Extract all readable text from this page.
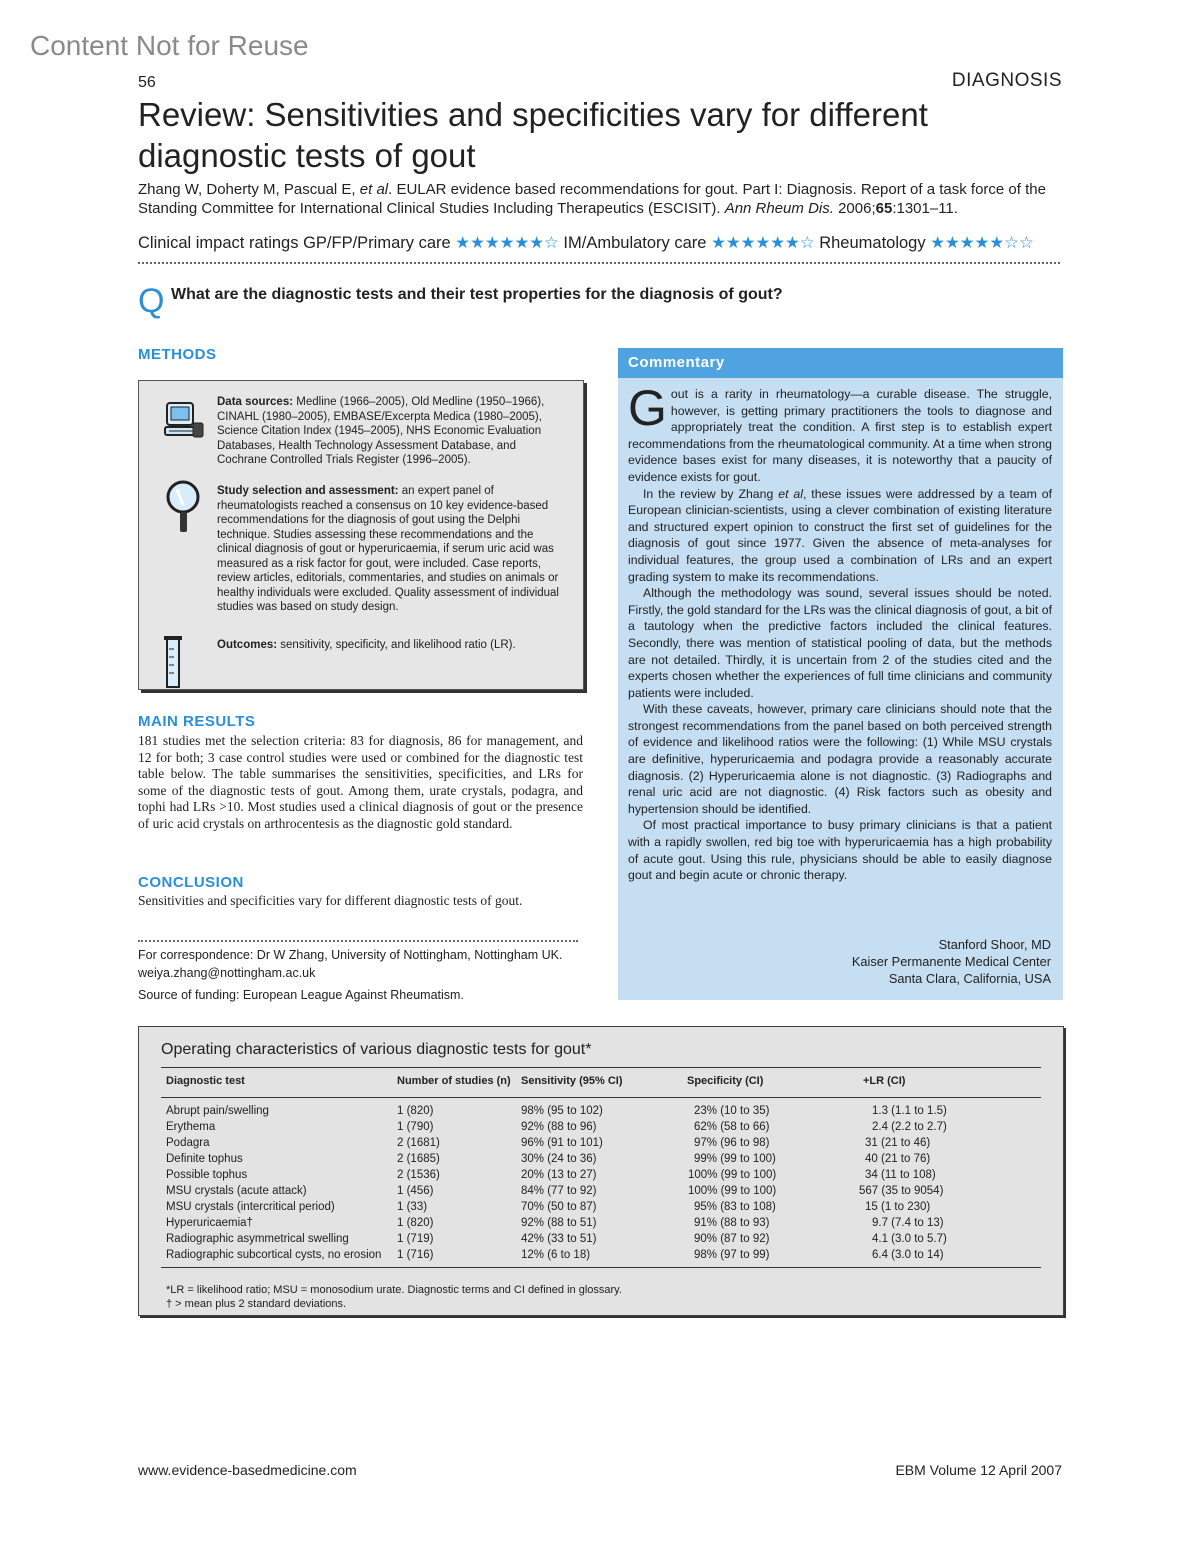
Content Not for Reuse
56	DIAGNOSIS
Review: Sensitivities and specificities vary for different diagnostic tests of gout
Zhang W, Doherty M, Pascual E, et al. EULAR evidence based recommendations for gout. Part I: Diagnosis. Report of a task force of the Standing Committee for International Clinical Studies Including Therapeutics (ESCISIT). Ann Rheum Dis. 2006;65:1301–11.
Clinical impact ratings GP/FP/Primary care ★★★★★★☆ IM/Ambulatory care ★★★★★★☆ Rheumatology ★★★★★☆☆
Q What are the diagnostic tests and their test properties for the diagnosis of gout?
METHODS
Data sources: Medline (1966–2005), Old Medline (1950–1966), CINAHL (1980–2005), EMBASE/Excerpta Medica (1980–2005), Science Citation Index (1945–2005), NHS Economic Evaluation Databases, Health Technology Assessment Database, and Cochrane Controlled Trials Register (1996–2005).
Study selection and assessment: an expert panel of rheumatologists reached a consensus on 10 key evidence-based recommendations for the diagnosis of gout using the Delphi technique. Studies assessing these recommendations and the clinical diagnosis of gout or hyperuricaemia, if serum uric acid was measured as a risk factor for gout, were included. Case reports, review articles, editorials, commentaries, and studies on animals or healthy individuals were excluded. Quality assessment of individual studies was based on study design.
Outcomes: sensitivity, specificity, and likelihood ratio (LR).
MAIN RESULTS
181 studies met the selection criteria: 83 for diagnosis, 86 for management, and 12 for both; 3 case control studies were used or combined for the diagnostic test table below. The table summarises the sensitivities, specificities, and LRs for some of the diagnostic tests of gout. Among them, urate crystals, podagra, and tophi had LRs >10. Most studies used a clinical diagnosis of gout or the presence of uric acid crystals on arthrocentesis as the diagnostic gold standard.
CONCLUSION
Sensitivities and specificities vary for different diagnostic tests of gout.
For correspondence: Dr W Zhang, University of Nottingham, Nottingham UK. weiya.zhang@nottingham.ac.uk
Source of funding: European League Against Rheumatism.
Commentary

Gout is a rarity in rheumatology—a curable disease. The struggle, however, is getting primary practitioners the tools to diagnose and appropriately treat the condition. A first step is to establish expert recommendations from the rheumatological community. At a time when strong evidence bases exist for many diseases, it is noteworthy that a paucity of evidence exists for gout.

In the review by Zhang et al, these issues were addressed by a team of European clinician-scientists, using a clever combination of existing literature and structured expert opinion to construct the first set of guidelines for the diagnosis of gout since 1977. Given the absence of meta-analyses for individual features, the group used a combination of LRs and an expert grading system to make its recommendations.

Although the methodology was sound, several issues should be noted. Firstly, the gold standard for the LRs was the clinical diagnosis of gout, a bit of a tautology when the predictive factors included the clinical features. Secondly, there was mention of statistical pooling of data, but the methods are not detailed. Thirdly, it is uncertain from 2 of the studies cited and the experts chosen whether the experiences of full time clinicians and community patients were included.

With these caveats, however, primary care clinicians should note that the strongest recommendations from the panel based on both perceived strength of evidence and likelihood ratios were the following: (1) While MSU crystals are definitive, hyperuricaemia and podagra provide a reasonably accurate diagnosis. (2) Hyperuricaemia alone is not diagnostic. (3) Radiographs and renal uric acid are not diagnostic. (4) Risk factors such as obesity and hypertension should be identified.

Of most practical importance to busy primary clinicians is that a patient with a rapidly swollen, red big toe with hyperuricaemia has a high probability of acute gout. Using this rule, physicians should be able to easily diagnose gout and begin acute or chronic therapy.

Stanford Shoor, MD
Kaiser Permanente Medical Center
Santa Clara, California, USA
Operating characteristics of various diagnostic tests for gout*
Diagnostic test	Number of studies (n) Sensitivity (95% CI)	Specificity (CI)	+LR (CI)
Abrupt pain/swelling	1 (820)	98% (95 to 102)	23% (10 to 35)	1.3 (1.1 to 1.5)
Erythema	1 (790)	92% (88 to 96)	62% (58 to 66)	2.4 (2.2 to 2.7)
Podagra	2 (1681)	96% (91 to 101)	97% (96 to 98)	31 (21 to 46)
Definite tophus	2 (1685)	30% (24 to 36)	99% (99 to 100)	40 (21 to 76)
Possible tophus	2 (1536)	20% (13 to 27)	100% (99 to 100)	34 (11 to 108)
MSU crystals (acute attack)	1 (456)	84% (77 to 92)	100% (99 to 100)	567 (35 to 9054)
MSU crystals (intercritical period)	1 (33)	70% (50 to 87)	95% (83 to 108)	15 (1 to 230)
Hyperuricaemia†	1 (820)	92% (88 to 51)	91% (88 to 93)	9.7 (7.4 to 13)
Radiographic asymmetrical swelling	1 (719)	42% (33 to 51)	90% (87 to 92)	4.1 (3.0 to 5.7)
Radiographic subcortical cysts, no erosion 1 (716)	12% (6 to 18)	98% (97 to 99)	6.4 (3.0 to 14)
*LR = likelihood ratio; MSU = monosodium urate. Diagnostic terms and CI defined in glossary.
† > mean plus 2 standard deviations.
www.evidence-basedmedicine.com	EBM Volume 12 April 2007
